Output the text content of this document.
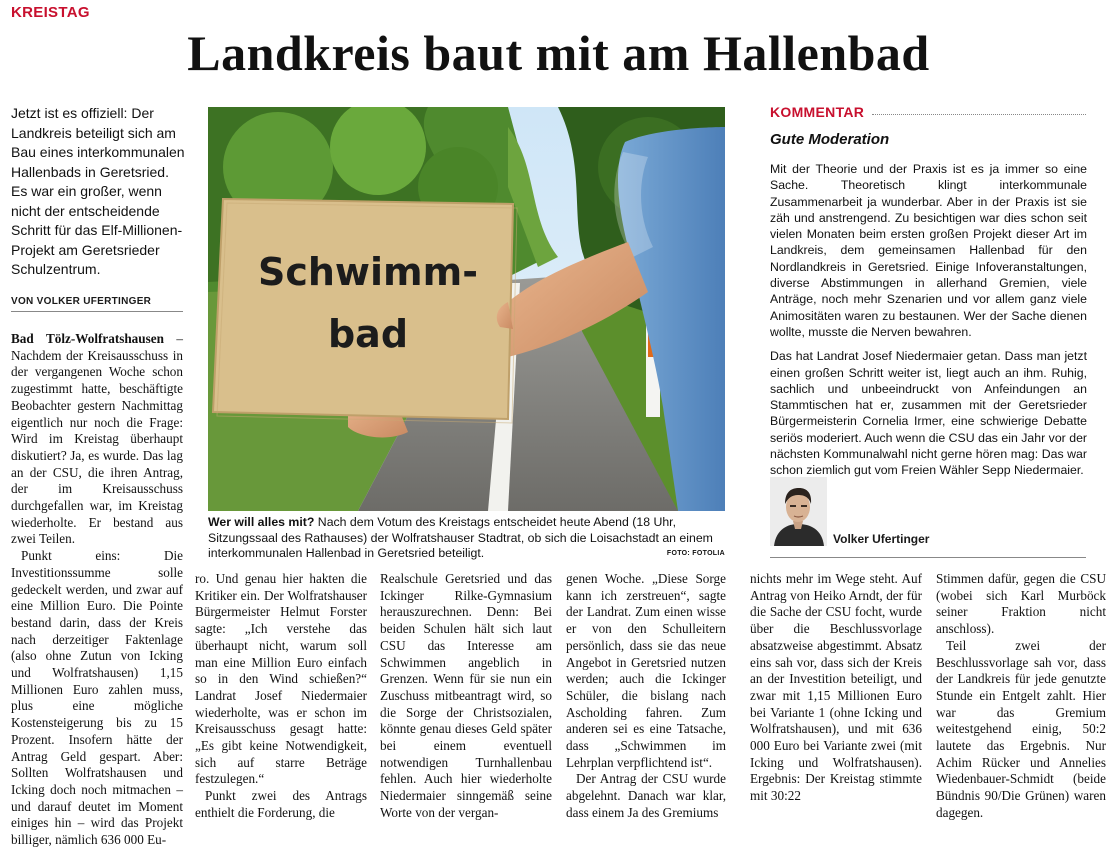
KREISTAG
Landkreis baut mit am Hallenbad
Jetzt ist es offiziell: Der Landkreis beteiligt sich am Bau eines interkommunalen Hallenbads in Geretsried. Es war ein großer, wenn nicht der entscheidende Schritt für das Elf-Millionen-Projekt am Geretsrieder Schulzentrum.
VON VOLKER UFERTINGER
Schwimm-
bad
Wer will alles mit? Nach dem Votum des Kreistags entscheidet heute Abend (18 Uhr, Sitzungssaal des Rathauses) der Wolfratshauser Stadtrat, ob sich die Loisachstadt an einem interkommunalen Hallenbad in Geretsried beteiligt.	FOTO: FOTOLIA

Bad Tölz-Wolfratshausen – Nachdem der Kreisausschuss in der vergangenen Woche schon zugestimmt hatte, beschäftigte Beobachter gestern Nachmittag eigentlich nur noch die Frage: Wird im Kreistag überhaupt diskutiert? Ja, es wurde. Das lag an der CSU, die ihren Antrag, der im Kreisausschuss durchgefallen war, im Kreistag wiederholte. Er bestand aus zwei Teilen.

Punkt eins: Die Investitionssumme solle gedeckelt werden, und zwar auf eine Million Euro. Die Pointe bestand darin, dass der Kreis nach derzeitiger Faktenlage (also ohne Zutun von Icking und Wolfratshausen) 1,15 Millionen Euro zahlen muss, plus eine mögliche Kostensteigerung bis zu 15 Prozent. Insofern hätte der Antrag Geld gespart. Aber: Sollten Wolfratshausen und Icking doch noch mitmachen – und darauf deutet im Moment einiges hin – wird das Projekt billiger, nämlich 636 000 Eu-

ro. Und genau hier hakten die Kritiker ein. Der Wolfratshauser Bürgermeister Helmut Forster sagte: „Ich verstehe das überhaupt nicht, warum soll man eine Million Euro einfach so in den Wind schießen?“ Landrat Josef Niedermaier wiederholte, was er schon im Kreisausschuss gesagt hatte: „Es gibt keine Notwendigkeit, sich auf starre Beträge festzulegen.“

Punkt zwei des Antrags enthielt die Forderung, die

Realschule Geretsried und das Ickinger Rilke-Gymnasium herauszurechnen. Denn: Bei beiden Schulen hält sich laut CSU das Interesse am Schwimmen angeblich in Grenzen. Wenn für sie nun ein Zuschuss mitbeantragt wird, so die Sorge der Christsozialen, könnte genau dieses Geld später bei einem eventuell notwendigen Turnhallenbau fehlen. Auch hier wiederholte Niedermaier sinngemäß seine Worte von der vergan-

genen Woche. „Diese Sorge kann ich zerstreuen“, sagte der Landrat. Zum einen wisse er von den Schulleitern persönlich, dass sie das neue Angebot in Geretsried nutzen werden; auch die Ickinger Schüler, die bislang nach Ascholding fahren. Zum anderen sei es eine Tatsache, dass „Schwimmen im Lehrplan verpflichtend ist“.

Der Antrag der CSU wurde abgelehnt. Danach war klar, dass einem Ja des Gremiums

nichts mehr im Wege steht. Auf Antrag von Heiko Arndt, der für die Sache der CSU focht, wurde über die Beschlussvorlage absatzweise abgestimmt. Absatz eins sah vor, dass sich der Kreis an der Investition beteiligt, und zwar mit 1,15 Millionen Euro bei Variante 1 (ohne Icking und Wolfratshausen), und mit 636 000 Euro bei Variante zwei (mit Icking und Wolfratshausen). Ergebnis: Der Kreistag stimmte mit 30:22

Stimmen dafür, gegen die CSU (wobei sich Karl Murböck seiner Fraktion nicht anschloss).

Teil zwei der Beschlussvorlage sah vor, dass der Landkreis für jede genutzte Stunde ein Entgelt zahlt. Hier war das Gremium weitestgehend einig, 50:2 lautete das Ergebnis. Nur Achim Rücker und Annelies Wiedenbauer-Schmidt (beide Bündnis 90/Die Grünen) waren dagegen.

KOMMENTAR
Gute Moderation

Mit der Theorie und der Praxis ist es ja immer so eine Sache. Theoretisch klingt interkommunale Zusammenarbeit ja wunderbar. Aber in der Praxis ist sie zäh und anstrengend. Zu besichtigen war dies schon seit vielen Monaten beim ersten großen Projekt dieser Art im Landkreis, dem gemeinsamen Hallenbad für den Nordlandkreis in Geretsried. Einige Infoveranstaltungen, diverse Abstimmungen in allerhand Gremien, viele Anträge, noch mehr Szenarien und vor allem ganz viele Animositäten waren zu bestaunen. Wer der Sache dienen wollte, musste die Nerven bewahren.

Das hat Landrat Josef Niedermaier getan. Dass man jetzt einen großen Schritt weiter ist, liegt auch an ihm. Ruhig, sachlich und unbeeindruckt von Anfeindungen an Stammtischen hat er, zusammen mit der Geretsrieder Bürgermeisterin Cornelia Irmer, eine schwierige Debatte seriös moderiert. Auch wenn die CSU das ein Jahr vor der nächsten Kommunalwahl nicht gerne hören mag: Das war schon ziemlich gut vom Freien Wähler Sepp Niedermaier.

Volker Ufertinger
